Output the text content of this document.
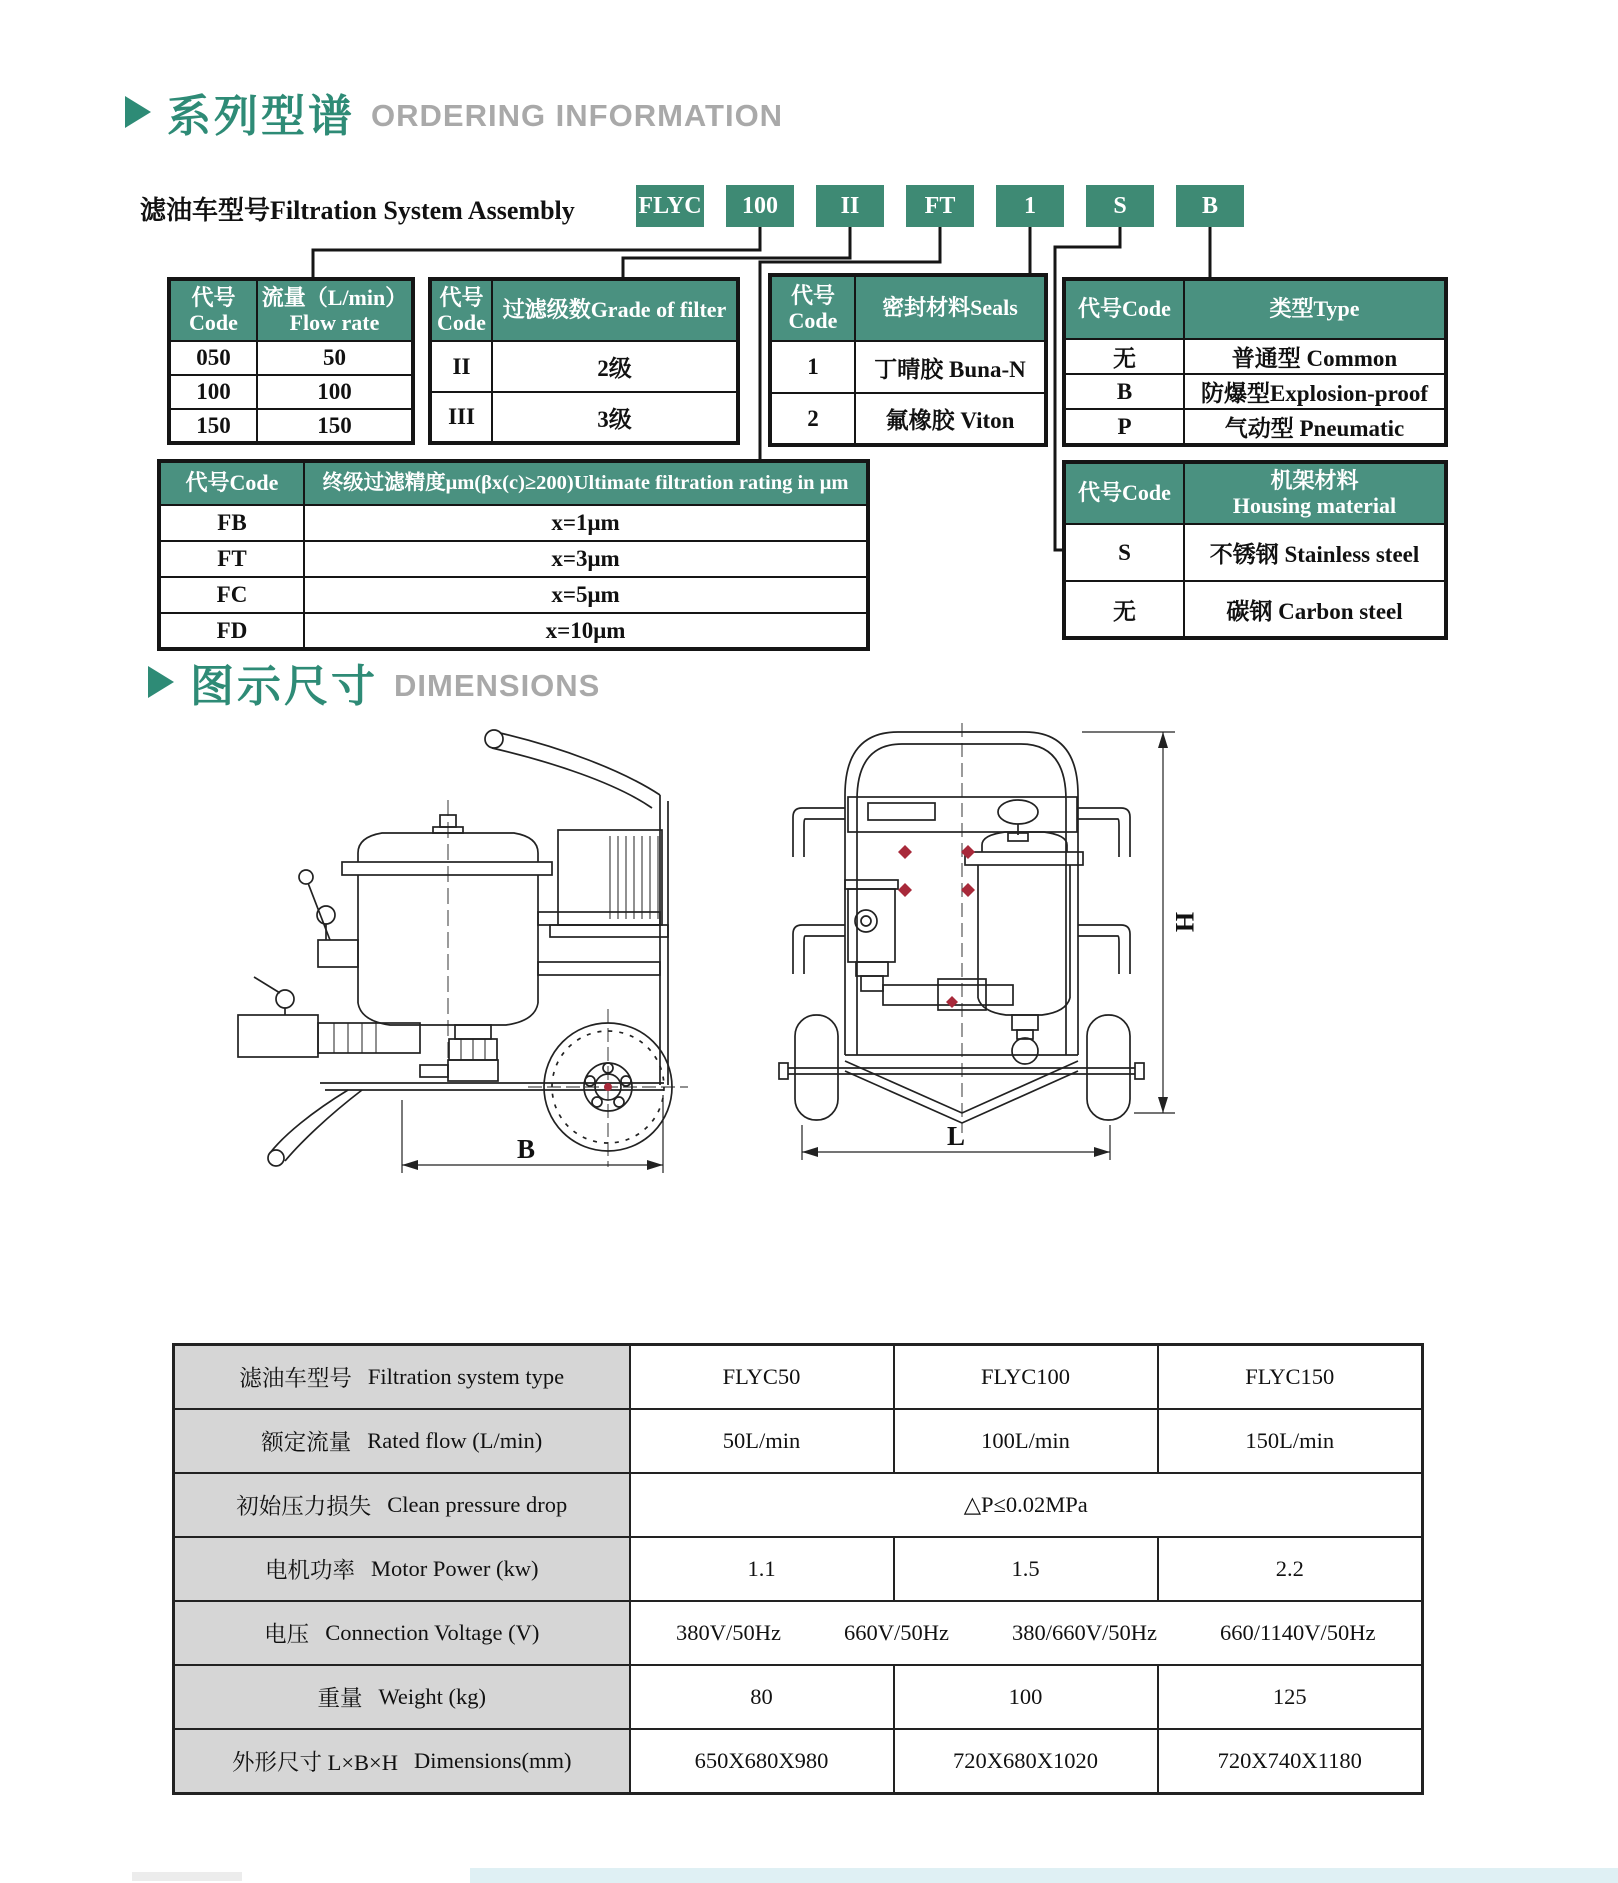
系列型谱 ORDERING INFORMATION
滤油车型号Filtration System Assembly	FLYC	100	II	FT	1	S	B
代号
Code	流量（L/min）
Flow rate

050	50
100	100
150	150
代号
Code	过滤级数Grade of filter
II	2级
III	3级
代号
Code	密封材料Seals
1	丁晴胶 Buna-N
2	氟橡胶 Viton
代号Code	类型Type
无	普通型 Common
B	防爆型Explosion-proof
P	气动型 Pneumatic
代号Code	终级过滤精度μm(βx(c)≥200)Ultimate filtration rating in μm
FB	x=1μm
FT	x=3μm
FC	x=5μm
FD	x=10μm
代号Code	机架材料
Housing material

S	不锈钢 Stainless steel
无	碳钢 Carbon steel
图示尺寸 DIMENSIONS
B	L
H
滤油车型号 Filtration system type	FLYC50	FLYC100	FLYC150

额定流量 Rated flow (L/min)	50L/min	100L/min	150L/min

初始压力损失 Clean pressure drop	△P≤0.02MPa		

电机功率 Motor Power (kw)	1.1	1.5	2.2

电压 Connection Voltage (V)	380V/50Hz 660V/50Hz 380/660V/50Hz 660/1140V/50Hz		

重量 Weight (kg)	80	100	125

外形尺寸 L×B×H Dimensions(mm)	650X680X980	720X680X1020	720X740X1180
